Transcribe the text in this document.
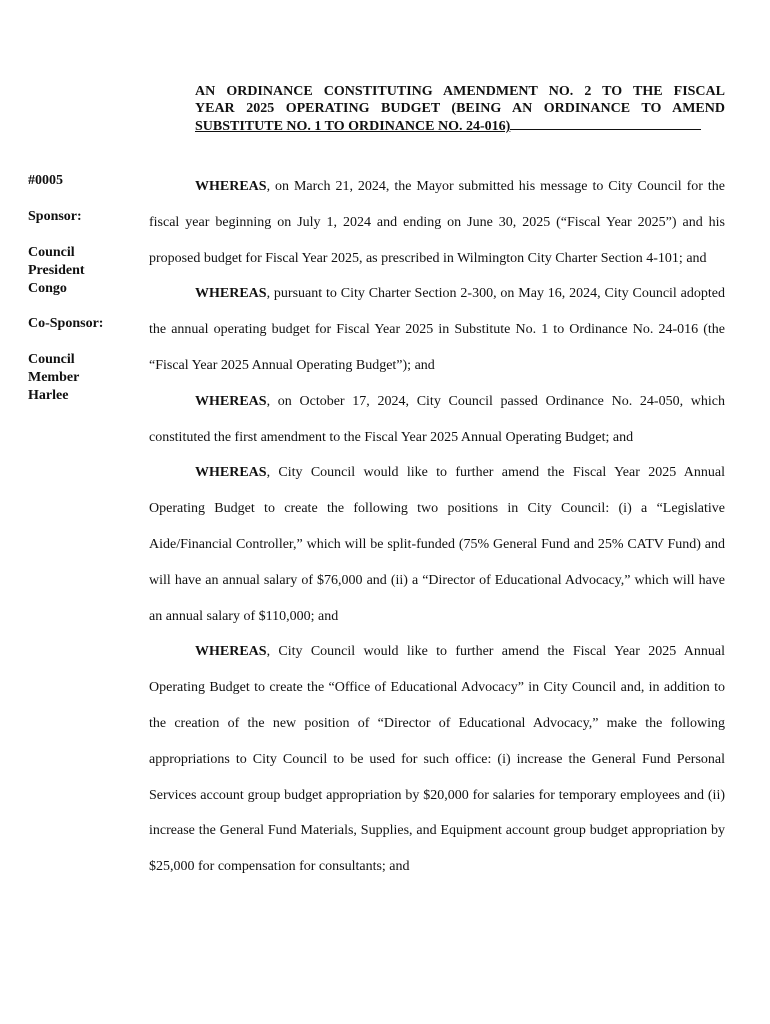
AN ORDINANCE CONSTITUTING AMENDMENT NO. 2 TO THE FISCAL
YEAR 2025 OPERATING BUDGET (BEING AN ORDINANCE TO AMEND
SUBSTITUTE NO. 1 TO ORDINANCE NO. 24-016)
#0005
Sponsor:
Council
President
Congo
Co-Sponsor:
Council
Member
Harlee

WHEREAS, on March 21, 2024, the Mayor submitted his message to City Council for the fiscal year beginning on July 1, 2024 and ending on June 30, 2025 (“Fiscal Year 2025”) and his proposed budget for Fiscal Year 2025, as prescribed in Wilmington City Charter Section 4-101; and

WHEREAS, pursuant to City Charter Section 2-300, on May 16, 2024, City Council adopted the annual operating budget for Fiscal Year 2025 in Substitute No. 1 to Ordinance No. 24-016 (the “Fiscal Year 2025 Annual Operating Budget”); and

WHEREAS, on October 17, 2024, City Council passed Ordinance No. 24-050, which constituted the first amendment to the Fiscal Year 2025 Annual Operating Budget; and

WHEREAS, City Council would like to further amend the Fiscal Year 2025 Annual Operating Budget to create the following two positions in City Council: (i) a “Legislative Aide/Financial Controller,” which will be split-funded (75% General Fund and 25% CATV Fund) and will have an annual salary of $76,000 and (ii) a “Director of Educational Advocacy,” which will have an annual salary of $110,000; and

WHEREAS, City Council would like to further amend the Fiscal Year 2025 Annual Operating Budget to create the “Office of Educational Advocacy” in City Council and, in addition to the creation of the new position of “Director of Educational Advocacy,” make the following appropriations to City Council to be used for such office: (i) increase the General Fund Personal Services account group budget appropriation by $20,000 for salaries for temporary employees and (ii) increase the General Fund Materials, Supplies, and Equipment account group budget appropriation by $25,000 for compensation for consultants; and
